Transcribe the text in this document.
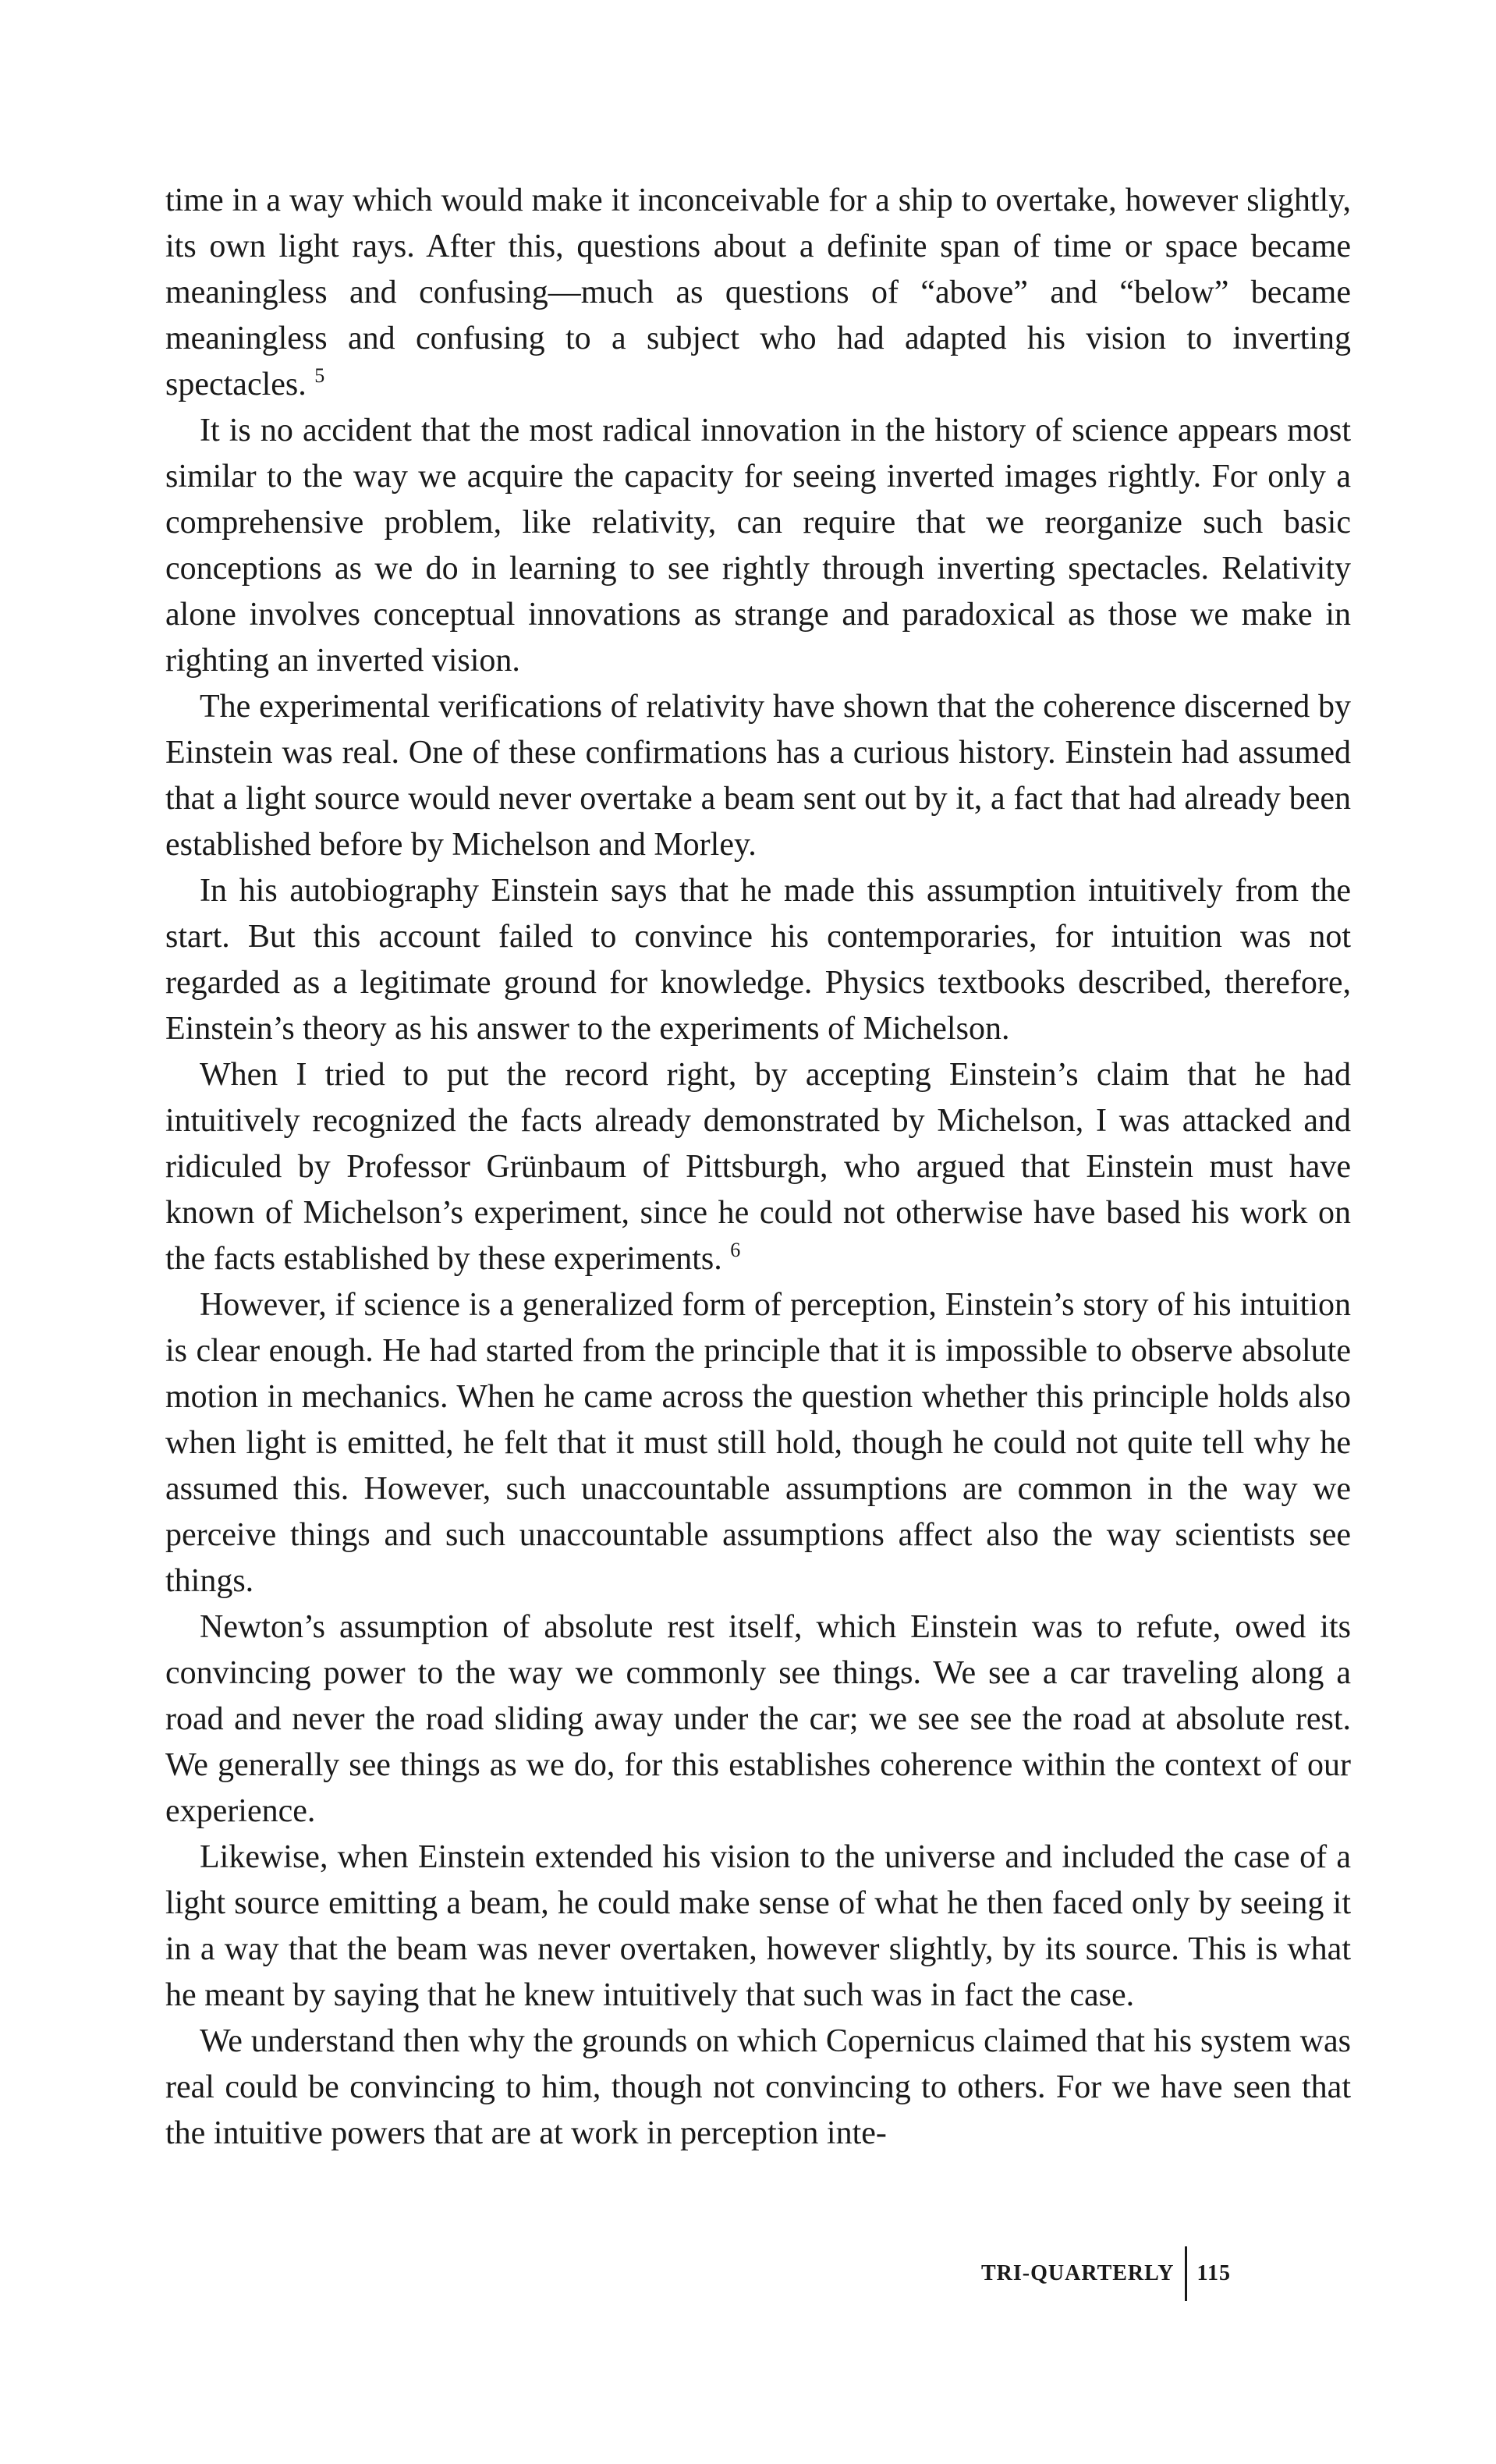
time in a way which would make it inconceivable for a ship to overtake, however slightly, its own light rays. After this, questions about a definite span of time or space became meaningless and confusing—much as questions of “above” and “below” became meaningless and confusing to a subject who had adapted his vision to inverting spectacles. $^5$

It is no accident that the most radical innovation in the history of science appears most similar to the way we acquire the capacity for seeing inverted images rightly. For only a comprehensive problem, like relativity, can require that we reorganize such basic conceptions as we do in learning to see rightly through inverting spectacles. Relativity alone involves conceptual innovations as strange and paradoxical as those we make in righting an inverted vision.

The experimental verifications of relativity have shown that the coherence discerned by Einstein was real. One of these confirmations has a curious history. Einstein had assumed that a light source would never overtake a beam sent out by it, a fact that had already been established before by Michelson and Morley.

In his autobiography Einstein says that he made this assumption intuitively from the start. But this account failed to convince his contemporaries, for intuition was not regarded as a legitimate ground for knowledge. Physics textbooks described, therefore, Einstein’s theory as his answer to the experiments of Michelson.

When I tried to put the record right, by accepting Einstein’s claim that he had intuitively recognized the facts already demonstrated by Michelson, I was attacked and ridiculed by Professor Grünbaum of Pittsburgh, who argued that Einstein must have known of Michelson’s experiment, since he could not otherwise have based his work on the facts established by these experiments. $^6$

However, if science is a generalized form of perception, Einstein’s story of his intuition is clear enough. He had started from the principle that it is impossible to observe absolute motion in mechanics. When he came across the question whether this principle holds also when light is emitted, he felt that it must still hold, though he could not quite tell why he assumed this. However, such unaccountable assumptions are common in the way we perceive things and such unaccountable assumptions affect also the way scientists see things.

Newton’s assumption of absolute rest itself, which Einstein was to refute, owed its convincing power to the way we commonly see things. We see a car traveling along a road and never the road sliding away under the car; we see see the road at absolute rest. We generally see things as we do, for this establishes coherence within the context of our experience.

Likewise, when Einstein extended his vision to the universe and included the case of a light source emitting a beam, he could make sense of what he then faced only by seeing it in a way that the beam was never overtaken, however slightly, by its source. This is what he meant by saying that he knew intuitively that such was in fact the case.

We understand then why the grounds on which Copernicus claimed that his system was real could be convincing to him, though not convincing to others. For we have seen that the intuitive powers that are at work in perception inte-

TRI-QUARTERLY	115
